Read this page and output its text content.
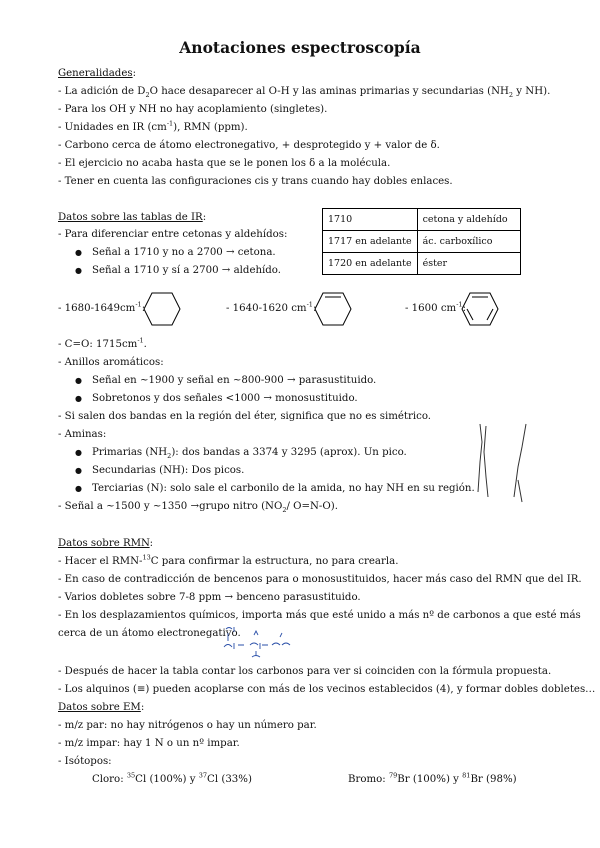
Anotaciones espectroscopía
Generalidades:
- La adición de $D_2O$ hace desaparecer al O-H y las aminas primarias y secundarias ($NH_2$ y NH).
- Para los OH y NH no hay acoplamiento (singletes).
- Unidades en IR $(cm^{-1})$, RMN (ppm).
- Carbono cerca de átomo electronegativo, + desprotegido y + valor de δ.
- El ejercicio no acaba hasta que se le ponen los δ a la molécula.
- Tener en cuenta las configuraciones cis y trans cuando hay dobles enlaces.
Datos sobre las tablas de IR:
- Para diferenciar entre cetonas y aldehídos:
● Señal a 1710 y no a 2700 → cetona.
● Señal a 1710 y sí a 2700 → aldehído.
1710	cetona y aldehído
1717 en adelante	ác. carboxílico
1720 en adelante	éster
- $1680-1649cm^{-1}$:	- 1640-1620 $cm^{-1}$:	- 1600 $cm^{-1}$:
- C=O: $1715cm^{-1}$.
- Anillos aromáticos:
● Señal en ~1900 y señal en ~800-900 → parasustituido.
● Sobretonos y dos señales <1000 → monosustituido.
- Si salen dos bandas en la región del éter, significa que no es simétrico.
- Aminas:
● Primarias $(NH_2)$: dos bandas a 3374 y 3295 (aprox). Un pico.
● Secundarias (NH): Dos picos.
● Terciarias (N): solo sale el carbonilo de la amida, no hay NH en su región.
- Señal a ~1500 y ~1350 →grupo nitro ($NO_2/$ O=N-O).
Datos sobre RMN:
- Hacer el RMN-$^{13}$C para confirmar la estructura, no para crearla.
- En caso de contradicción de bencenos para o monosustituidos, hacer más caso del RMN que del IR.
- Varios dobletes sobre 7-8 ppm → benceno parasustituido.
- En los desplazamientos químicos, importa más que esté unido a más nº de carbonos a que esté más
cerca de un átomo electronegativo.
- Después de hacer la tabla contar los carbonos para ver si coinciden con la fórmula propuesta.
- Los alquinos (≡) pueden acoplarse con más de los vecinos establecidos (4), y formar dobles dobletes…
Datos sobre EM:
- m/z par: no hay nitrógenos o hay un número par.
- m/z impar: hay 1 N o un nº impar.
- Isótopos:
Cloro: $^{35}$Cl (100%) y $^{37}$Cl (33%)	Bromo: $^{79}$Br (100%) y $^{81}$Br (98%)
